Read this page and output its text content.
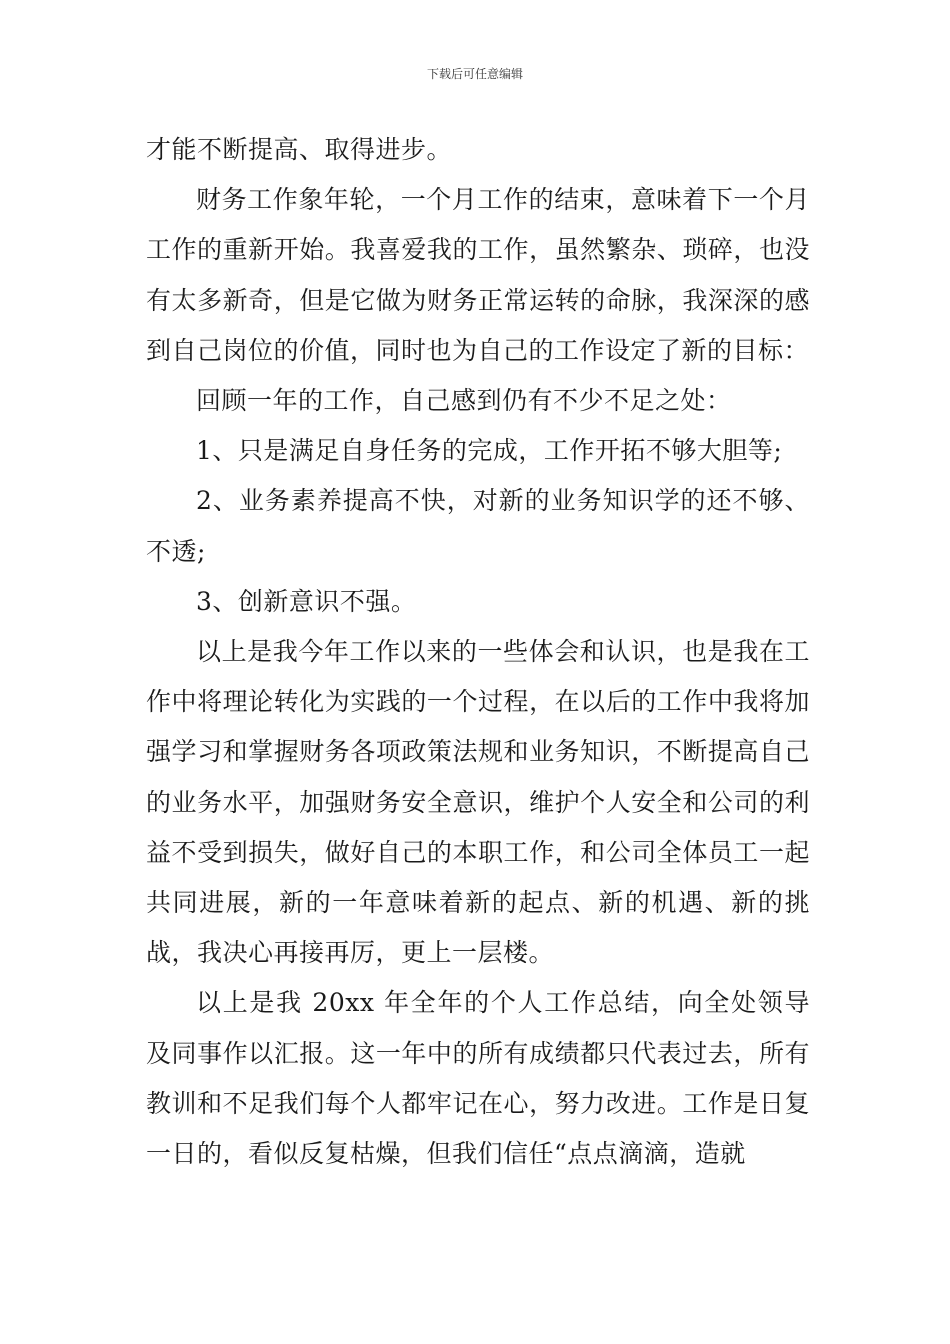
下载后可任意编辑

才能不断提高、取得进步。

财务工作象年轮，一个月工作的结束，意味着下一个月工作的重新开始。我喜爱我的工作，虽然繁杂、琐碎，也没有太多新奇，但是它做为财务正常运转的命脉，我深深的感到自己岗位的价值，同时也为自己的工作设定了新的目标：

回顾一年的工作，自己感到仍有不少不足之处：

1、只是满足自身任务的完成，工作开拓不够大胆等;

2、业务素养提高不快，对新的业务知识学的还不够、不透;

3、创新意识不强。

以上是我今年工作以来的一些体会和认识，也是我在工作中将理论转化为实践的一个过程，在以后的工作中我将加强学习和掌握财务各项政策法规和业务知识，不断提高自己的业务水平，加强财务安全意识，维护个人安全和公司的利益不受到损失，做好自己的本职工作，和公司全体员工一起共同进展，新的一年意味着新的起点、新的机遇、新的挑战，我决心再接再厉，更上一层楼。

以上是我 20xx 年全年的个人工作总结，向全处领导及同事作以汇报。这一年中的所有成绩都只代表过去，所有教训和不足我们每个人都牢记在心，努力改进。工作是日复一日的，看似反复枯燥，但我们信任“点点滴滴，造就
